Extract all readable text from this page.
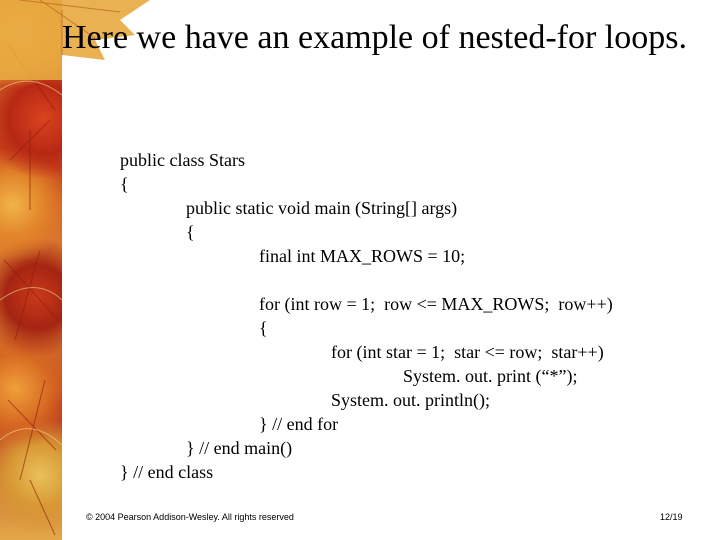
Here we have an example of nested-for loops.
public class Stars
{
public static void main (String[] args)
{
final int MAX_ROWS = 10;
for (int row = 1;  row <= MAX_ROWS;  row++)
{
for (int star = 1;  star <= row;  star++)
System. out. print (“*”);
System. out. println();
} // end for
} // end main()
} // end class
© 2004 Pearson Addison-Wesley. All rights reserved	12/19
